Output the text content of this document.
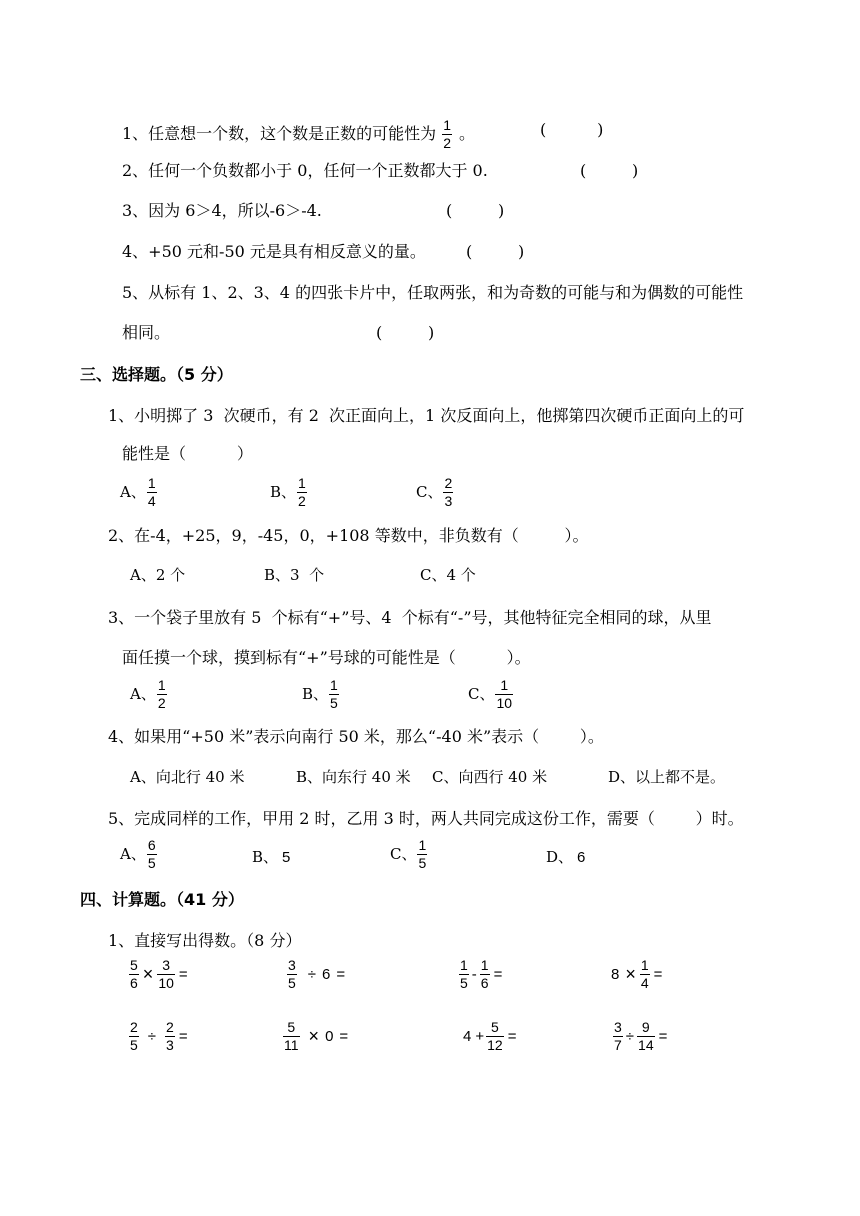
1、任意想一个数，这个数是正数的可能性为 $\frac{1}{2}$ 。	(          )
2、任何一个负数都小于 0，任何一个正数都大于 0.	(         )
3、因为 6＞4，所以-6＞-4.	(         )
4、+50 元和-50 元是具有相反意义的量。	(         )
5、从标有 1、2、3、4 的四张卡片中，任取两张，和为奇数的可能与和为偶数的可能性
相同。	(         )
三、选择题。（5 分）
1、小明掷了 3  次硬币，有 2  次正面向上，1 次反面向上，他掷第四次硬币正面向上的可
能性是（          ）
A、 $\frac{1}{4}$	B、 $\frac{1}{2}$	C、 $\frac{2}{3}$
2、在-4，+25，9，-45，0，+108 等数中，非负数有（         ）。
A、2 个	B、3  个	C、4 个
3、一个袋子里放有 5  个标有“+”号、4  个标有“-”号，其他特征完全相同的球，从里
面任摸一个球，摸到标有“+”号球的可能性是（          ）。
A、 $\frac{1}{2}$	B、 $\frac{1}{5}$	C、 $\frac{1}{10}$
4、如果用“+50 米”表示向南行 50 米，那么“-40 米”表示（        ）。
A、向北行 40 米	B、向东行 40 米 C、向西行 40 米	D、以上都不是。
5、完成同样的工作，甲用 2 时，乙用 3 时，两人共同完成这份工作，需要（        ）时。
A、 $\frac{6}{5}$	B、 5	C、 $\frac{1}{5}$	D、 6
四、计算题。（41 分）
1、直接写出得数。（8 分）
$\frac{5}{6} \times \frac{3}{10}$ =	$\frac{3}{5} \div 6$ =	$\frac{1}{5} - \frac{1}{6}$ =	$8 \times \frac{1}{4}$ =
$\frac{2}{5} \div \frac{2}{3}$ =	$\frac{5}{11} \times 0$ =	$4 + \frac{5}{12}$ =	$\frac{3}{7} \div \frac{9}{14}$ =
